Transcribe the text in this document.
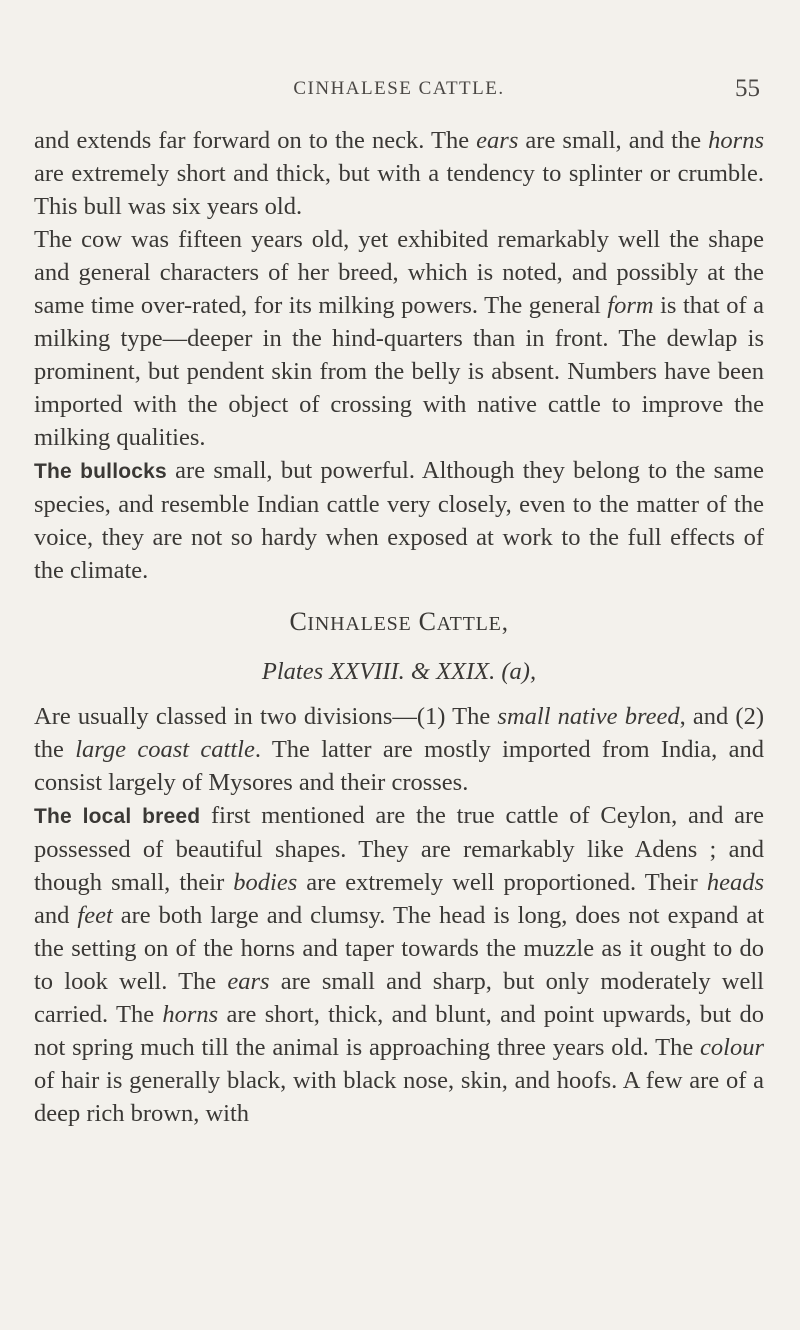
CINHALESE CATTLE.	55

and extends far forward on to the neck. The ears are small, and the horns are extremely short and thick, but with a tendency to splinter or crumble. This bull was six years old.

The cow was fifteen years old, yet exhibited remarkably well the shape and general characters of her breed, which is noted, and possibly at the same time over-rated, for its milking powers. The general form is that of a milking type—deeper in the hind-quarters than in front. The dewlap is prominent, but pendent skin from the belly is absent. Numbers have been imported with the object of crossing with native cattle to improve the milking qualities.

The bullocks are small, but powerful. Although they belong to the same species, and resemble Indian cattle very closely, even to the matter of the voice, they are not so hardy when exposed at work to the full effects of the climate.

CINHALESE CATTLE,

Plates XXVIII. & XXIX. (a),

Are usually classed in two divisions—(1) The small native breed, and (2) the large coast cattle. The latter are mostly imported from India, and consist largely of Mysores and their crosses.

The local breed first mentioned are the true cattle of Ceylon, and are possessed of beautiful shapes. They are remarkably like Adens ; and though small, their bodies are extremely well proportioned. Their heads and feet are both large and clumsy. The head is long, does not expand at the setting on of the horns and taper towards the muzzle as it ought to do to look well. The ears are small and sharp, but only moderately well carried. The horns are short, thick, and blunt, and point upwards, but do not spring much till the animal is approaching three years old. The colour of hair is generally black, with black nose, skin, and hoofs. A few are of a deep rich brown, with
